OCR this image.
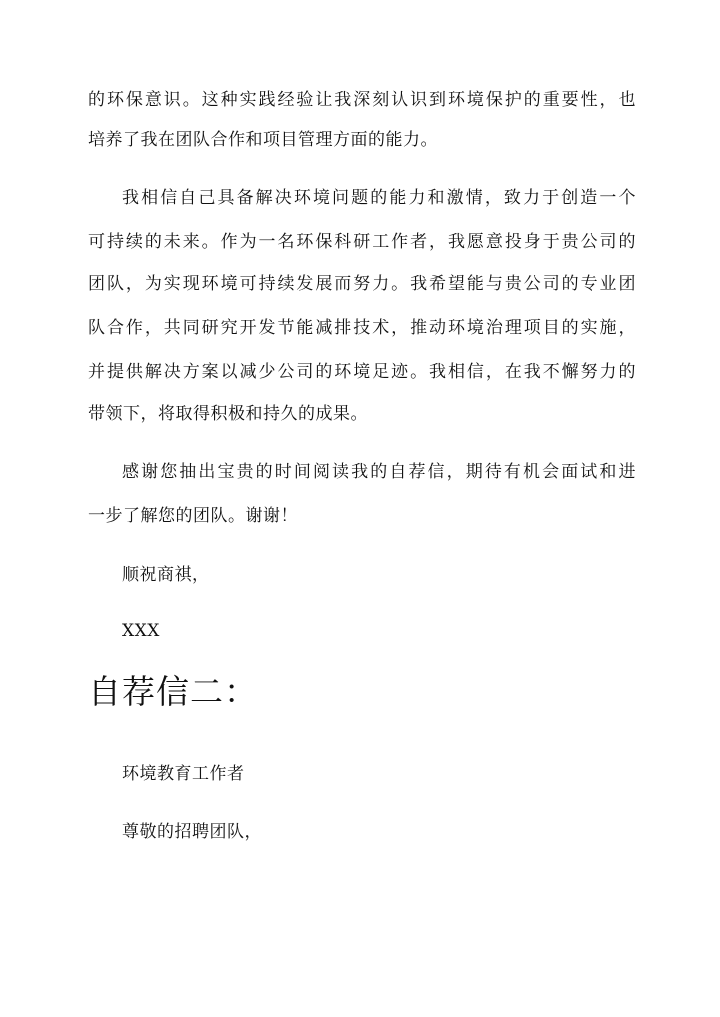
的环保意识。这种实践经验让我深刻认识到环境保护的重要性，也
培养了我在团队合作和项目管理方面的能力。
我相信自己具备解决环境问题的能力和激情，致力于创造一个
可持续的未来。作为一名环保科研工作者，我愿意投身于贵公司的
团队，为实现环境可持续发展而努力。我希望能与贵公司的专业团
队合作，共同研究开发节能减排技术，推动环境治理项目的实施，
并提供解决方案以减少公司的环境足迹。我相信，在我不懈努力的
带领下，将取得积极和持久的成果。
感谢您抽出宝贵的时间阅读我的自荐信，期待有机会面试和进
一步了解您的团队。谢谢！
顺祝商祺，
XXX
自荐信二：
环境教育工作者
尊敬的招聘团队，
